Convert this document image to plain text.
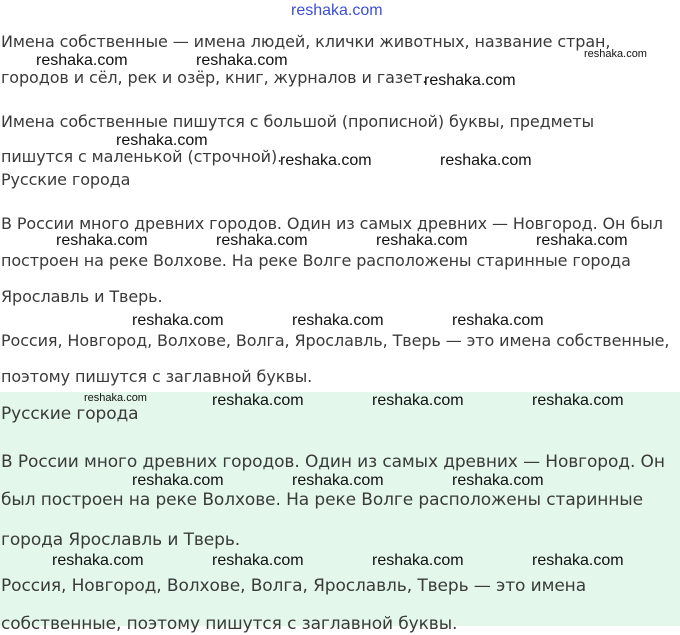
Имена собственные — имена людей, клички животных, название стран,
городов и сёл, рек и озёр, книг, журналов и газет.
Имена собственные пишутся с большой (прописной) буквы, предметы
пишутся с маленькой (строчной).
Русские города
В России много древних городов. Один из самых древних — Новгород. Он был
построен на реке Волхове. На реке Волге расположены старинные города
Ярославль и Тверь.
Россия, Новгород, Волхове, Волга, Ярославль, Тверь — это имена собственные,
поэтому пишутся с заглавной буквы.
Русские города
В России много древних городов. Один из самых древних — Новгород. Он
был построен на реке Волхове. На реке Волге расположены старинные
города Ярославль и Тверь.
Россия, Новгород, Волхове, Волга, Ярославль, Тверь — это имена
собственные, поэтому пишутся с заглавной буквы.
reshaka.com
reshaka.com	reshaka.com	reshaka.com
reshaka.com
reshaka.com
reshaka.com	reshaka.com
reshaka.com	reshaka.com	reshaka.com	reshaka.com
reshaka.com	reshaka.com	reshaka.com
reshaka.com	reshaka.com	reshaka.com	reshaka.com
reshaka.com	reshaka.com	reshaka.com
reshaka.com	reshaka.com	reshaka.com	reshaka.com
